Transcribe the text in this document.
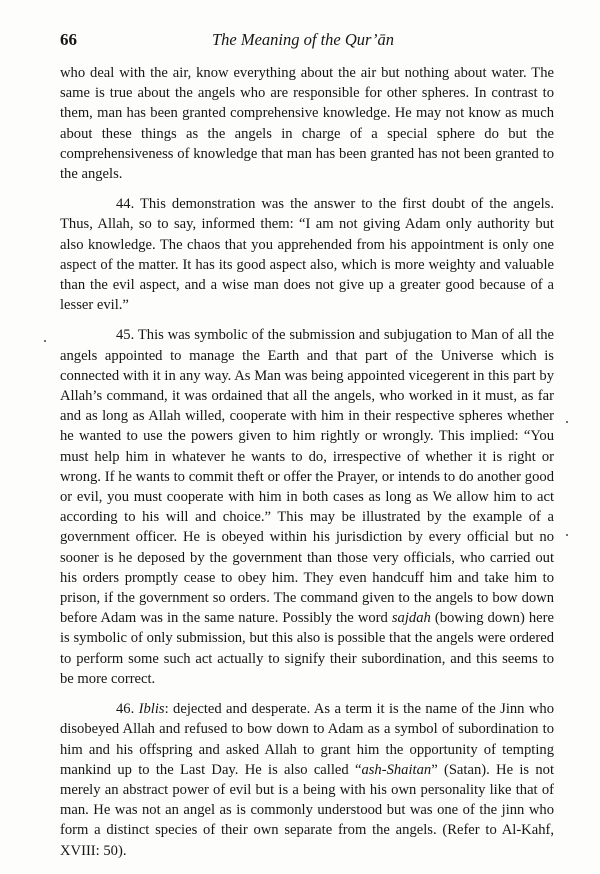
66	The Meaning of the Qur’ān

who deal with the air, know everything about the air but nothing about water. The same is true about the angels who are responsible for other spheres. In contrast to them, man has been granted comprehensive knowledge. He may not know as much about these things as the angels in charge of a special sphere do but the comprehensiveness of knowledge that man has been granted has not been granted to the angels.

44. This demonstration was the answer to the first doubt of the angels. Thus, Allah, so to say, informed them: “I am not giving Adam only authority but also knowledge. The chaos that you apprehended from his appointment is only one aspect of the matter. It has its good aspect also, which is more weighty and valuable than the evil aspect, and a wise man does not give up a greater good because of a lesser evil.”

45. This was symbolic of the submission and subjugation to Man of all the angels appointed to manage the Earth and that part of the Universe which is connected with it in any way. As Man was being appointed vicegerent in this part by Allah’s command, it was ordained that all the angels, who worked in it must, as far and as long as Allah willed, cooperate with him in their respective spheres whether he wanted to use the powers given to him rightly or wrongly. This implied: “You must help him in whatever he wants to do, irrespective of whether it is right or wrong. If he wants to commit theft or offer the Prayer, or intends to do another good or evil, you must cooperate with him in both cases as long as We allow him to act according to his will and choice.” This may be illustrated by the example of a government officer. He is obeyed within his jurisdiction by every official but no sooner is he deposed by the government than those very officials, who carried out his orders promptly cease to obey him. They even handcuff him and take him to prison, if the government so orders. The command given to the angels to bow down before Adam was in the same nature. Possibly the word sajdah (bowing down) here is symbolic of only submission, but this also is possible that the angels were ordered to perform some such act actually to signify their subordination, and this seems to be more correct.

46. Iblis: dejected and desperate. As a term it is the name of the Jinn who disobeyed Allah and refused to bow down to Adam as a symbol of subordination to him and his offspring and asked Allah to grant him the opportunity of tempting mankind up to the Last Day. He is also called “ash-Shaitan” (Satan). He is not merely an abstract power of evil but is a being with his own personality like that of man. He was not an angel as is commonly understood but was one of the jinn who form a distinct species of their own separate from the angels. (Refer to Al-Kahf, XVIII: 50).
